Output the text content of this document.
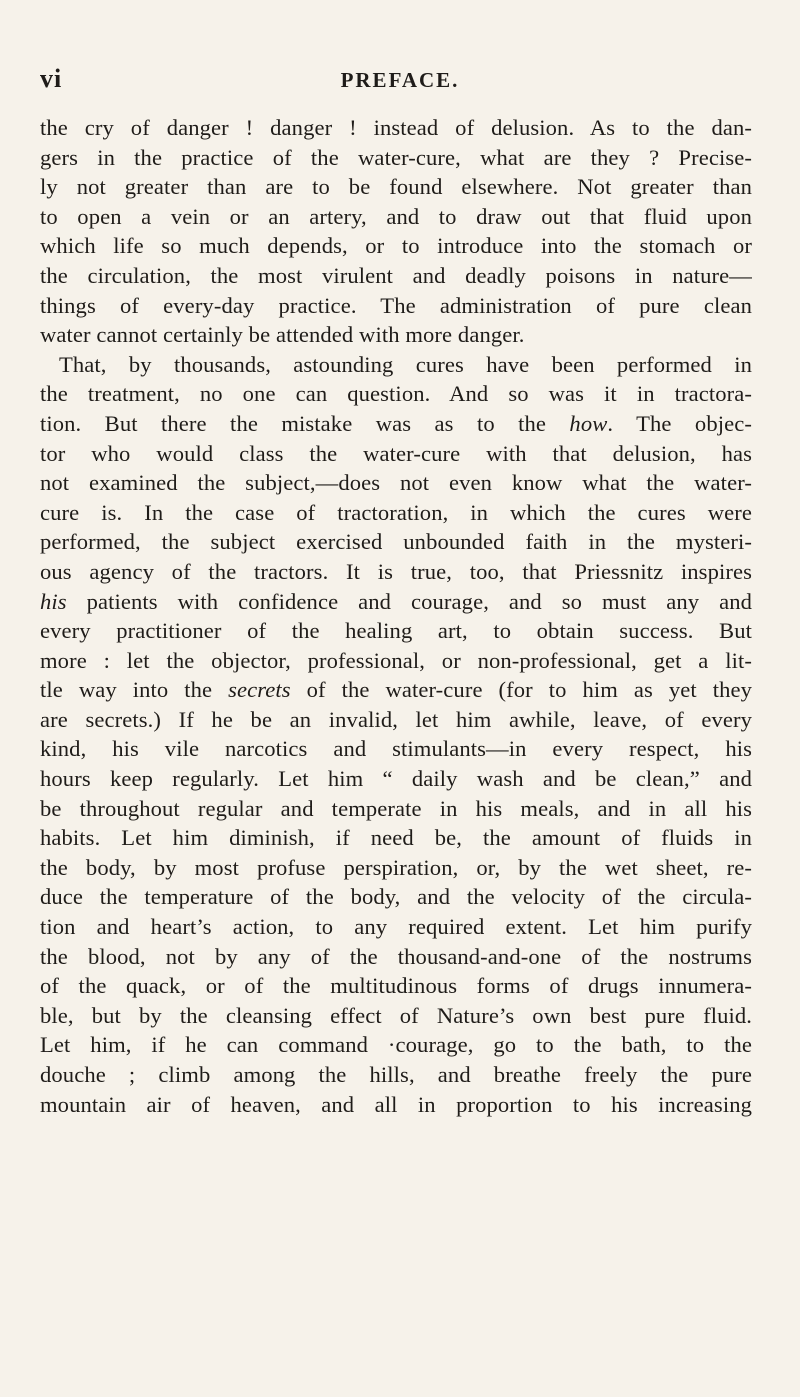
vi	PREFACE.
the cry of danger ! danger ! instead of delusion. As to the dan-
gers in the practice of the water-cure, what are they ? Precise-
ly not greater than are to be found elsewhere. Not greater than
to open a vein or an artery, and to draw out that fluid upon
which life so much depends, or to introduce into the stomach or
the circulation, the most virulent and deadly poisons in nature—
things of every-day practice. The administration of pure clean
water cannot certainly be attended with more danger.
That, by thousands, astounding cures have been performed in
the treatment, no one can question. And so was it in tractora-
tion. But there the mistake was as to the how. The objec-
tor who would class the water-cure with that delusion, has
not examined the subject,—does not even know what the water-
cure is. In the case of tractoration, in which the cures were
performed, the subject exercised unbounded faith in the mysteri-
ous agency of the tractors. It is true, too, that Priessnitz inspires
his patients with confidence and courage, and so must any and
every practitioner of the healing art, to obtain success. But
more : let the objector, professional, or non-professional, get a lit-
tle way into the secrets of the water-cure (for to him as yet they
are secrets.) If he be an invalid, let him awhile, leave, of every
kind, his vile narcotics and stimulants—in every respect, his
hours keep regularly. Let him “ daily wash and be clean,” and
be throughout regular and temperate in his meals, and in all his
habits. Let him diminish, if need be, the amount of fluids in
the body, by most profuse perspiration, or, by the wet sheet, re-
duce the temperature of the body, and the velocity of the circula-
tion and heart’s action, to any required extent. Let him purify
the blood, not by any of the thousand-and-one of the nostrums
of the quack, or of the multitudinous forms of drugs innumera-
ble, but by the cleansing effect of Nature’s own best pure fluid.
Let him, if he can command ·courage, go to the bath, to the
douche ; climb among the hills, and breathe freely the pure
mountain air of heaven, and all in proportion to his increasing
